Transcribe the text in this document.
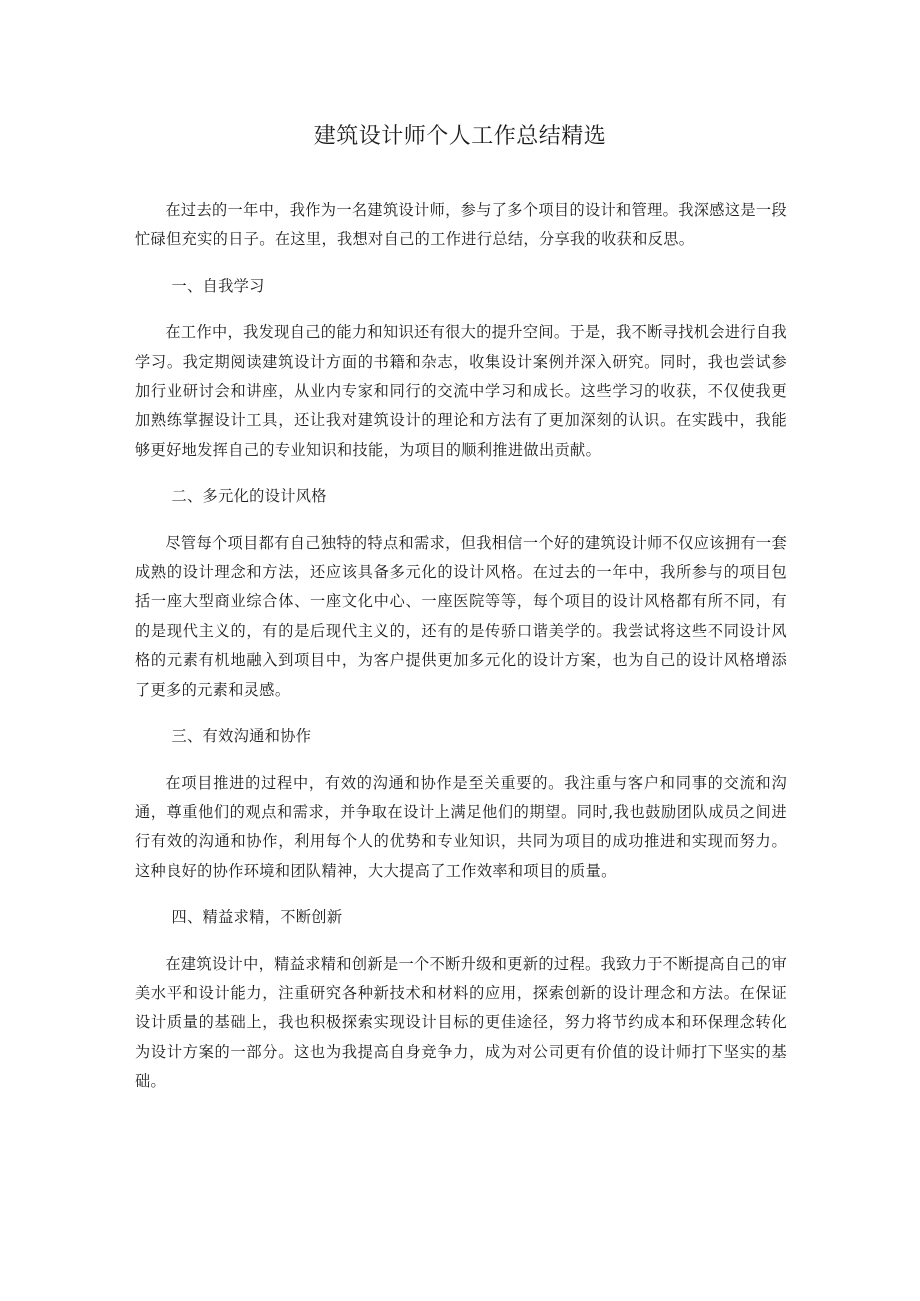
建筑设计师个人工作总结精选

在过去的一年中，我作为一名建筑设计师，参与了多个项目的设计和管理。我深感这是一段忙碌但充实的日子。在这里，我想对自己的工作进行总结，分享我的收获和反思。

一、自我学习

在工作中，我发现自己的能力和知识还有很大的提升空间。于是，我不断寻找机会进行自我学习。我定期阅读建筑设计方面的书籍和杂志，收集设计案例并深入研究。同时，我也尝试参加行业研讨会和讲座，从业内专家和同行的交流中学习和成长。这些学习的收获，不仅使我更加熟练掌握设计工具，还让我对建筑设计的理论和方法有了更加深刻的认识。在实践中，我能够更好地发挥自己的专业知识和技能，为项目的顺利推进做出贡献。

二、多元化的设计风格

尽管每个项目都有自己独特的特点和需求，但我相信一个好的建筑设计师不仅应该拥有一套成熟的设计理念和方法，还应该具备多元化的设计风格。在过去的一年中，我所参与的项目包括一座大型商业综合体、一座文化中心、一座医院等等，每个项目的设计风格都有所不同，有的是现代主义的，有的是后现代主义的，还有的是传骄口谐美学的。我尝试将这些不同设计风格的元素有机地融入到项目中，为客户提供更加多元化的设计方案，也为自己的设计风格增添了更多的元素和灵感。

三、有效沟通和协作

在项目推进的过程中，有效的沟通和协作是至关重要的。我注重与客户和同事的交流和沟通，尊重他们的观点和需求，并争取在设计上满足他们的期望。同时,我也鼓励团队成员之间进行有效的沟通和协作，利用每个人的优势和专业知识，共同为项目的成功推进和实现而努力。这种良好的协作环境和团队精神，大大提高了工作效率和项目的质量。

四、精益求精，不断创新

在建筑设计中，精益求精和创新是一个不断升级和更新的过程。我致力于不断提高自己的审美水平和设计能力，注重研究各种新技术和材料的应用，探索创新的设计理念和方法。在保证设计质量的基础上，我也积极探索实现设计目标的更佳途径，努力将节约成本和环保理念转化为设计方案的一部分。这也为我提高自身竞争力，成为对公司更有价值的设计师打下坚实的基础。
